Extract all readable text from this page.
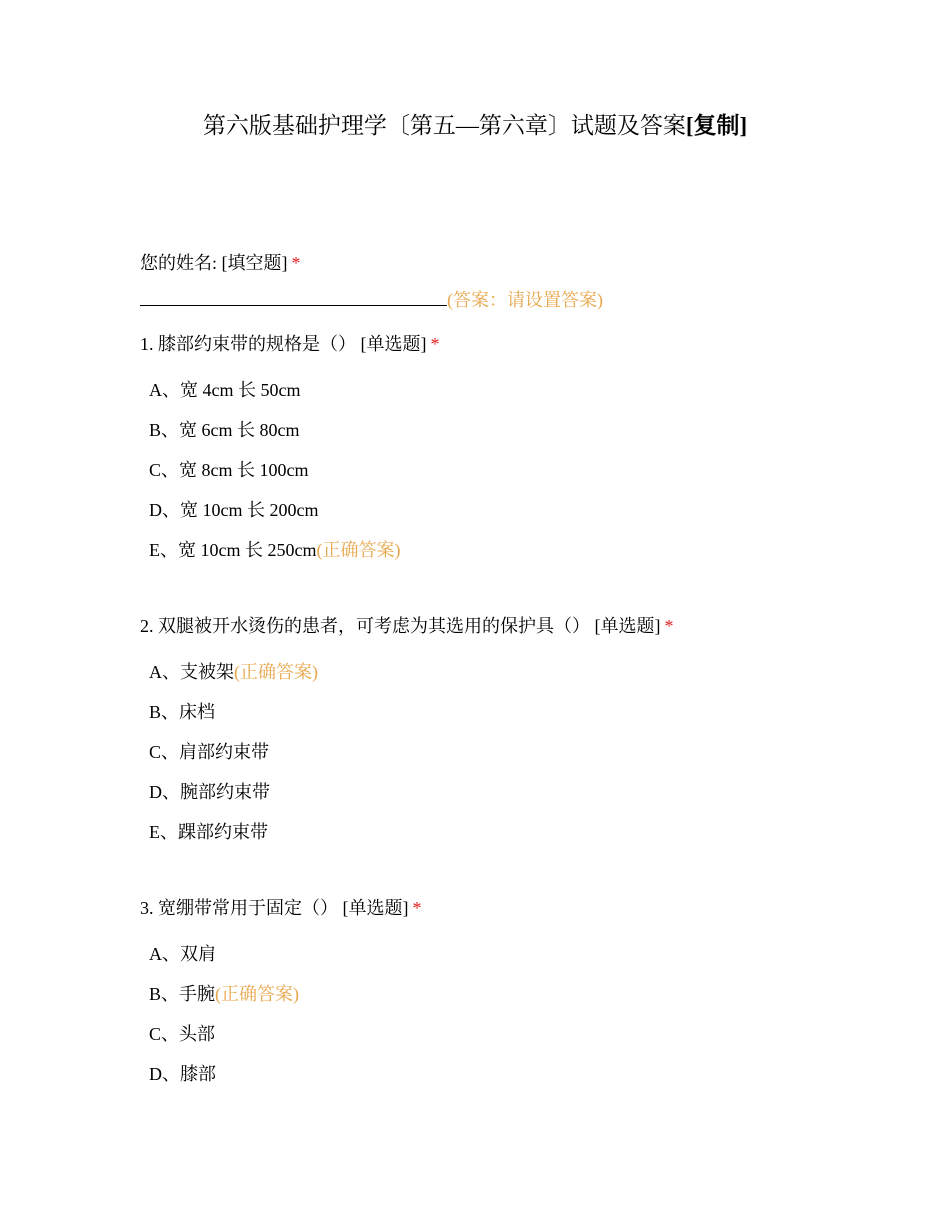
第六版基础护理学〔第五—第六章〕试题及答案[复制]
您的姓名: [填空题] *
(答案：请设置答案)
1. 膝部约束带的规格是（） [单选题] *
A、宽 4cm 长 50cm
B、宽 6cm 长 80cm
C、宽 8cm 长 100cm
D、宽 10cm 长 200cm
E、宽 10cm 长 250cm(正确答案)
2. 双腿被开水烫伤的患者，可考虑为其选用的保护具（） [单选题] *
A、支被架(正确答案)
B、床档
C、肩部约束带
D、腕部约束带
E、踝部约束带
3. 宽绷带常用于固定（） [单选题] *
A、双肩
B、手腕(正确答案)
C、头部
D、膝部
